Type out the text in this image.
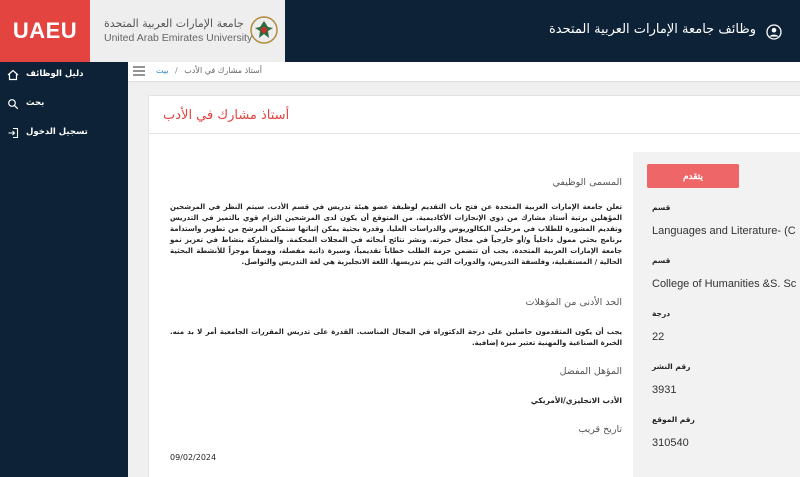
UAEU جامعة الإمارات العربية المتحدة
United Arab Emirates University
وظائف جامعة الإمارات العربية المتحدة
دليل الوظائف
بحث
تسجيل الدخول
أستاذ مشارك في الأدب / بيت
أستاذ مشارك في الأدب
المسمى الوظيفي

تعلن جامعة الإمارات العربية المتحدة عن فتح باب التقديم لوظيفة عضو هيئة تدريس في قسم الأدب. سيتم النظر في المرشحين المؤهلين برتبة أستاذ مشارك من ذوي الإنجازات الأكاديمية. من المتوقع أن يكون لدى المرشحين التزام قوي بالتميز في التدريس وتقديم المشورة للطلاب في مرحلتي البكالوريوس والدراسات العليا. وقدرة بحثية يمكن إثباتها ستمكن المرشح من تطوير واستدامة برنامج بحثي ممول داخلياً و/أو خارجياً في مجال خبرته. ونشر نتائج أبحاثه في المجلات المحكمة. والمشاركة بنشاط في تعزيز نمو جامعة الإمارات العربية المتحدة. يجب أن تتضمن حزمة الطلب خطاباً تقديمياً، وسيرة ذاتية مفصلة، ووصفاً موجزاً للأنشطة البحثية الحالية / المستقبلية، وفلسفة التدريس، والدورات التي يتم تدريسها. اللغة الانجليزية هي لغة التدريس والتواصل.

الحد الأدنى من المؤهلات

يجب أن يكون المتقدمون حاصلين على درجة الدكتوراه في المجال المناسب. القدرة على تدريس المقررات الجامعية أمر لا بد منه. الخبرة الصناعية والمهنية تعتبر ميزة إضافية.

المؤهل المفضل
الأدب الانجليزي/الأمريكي
تاريخ قريب
09/02/2024
يتقدم
قسم
Languages and Literature- (C
قسم
College of Humanities &S. Sc
درجة
22
رقم النشر
3931
رقم الموقع
310540
